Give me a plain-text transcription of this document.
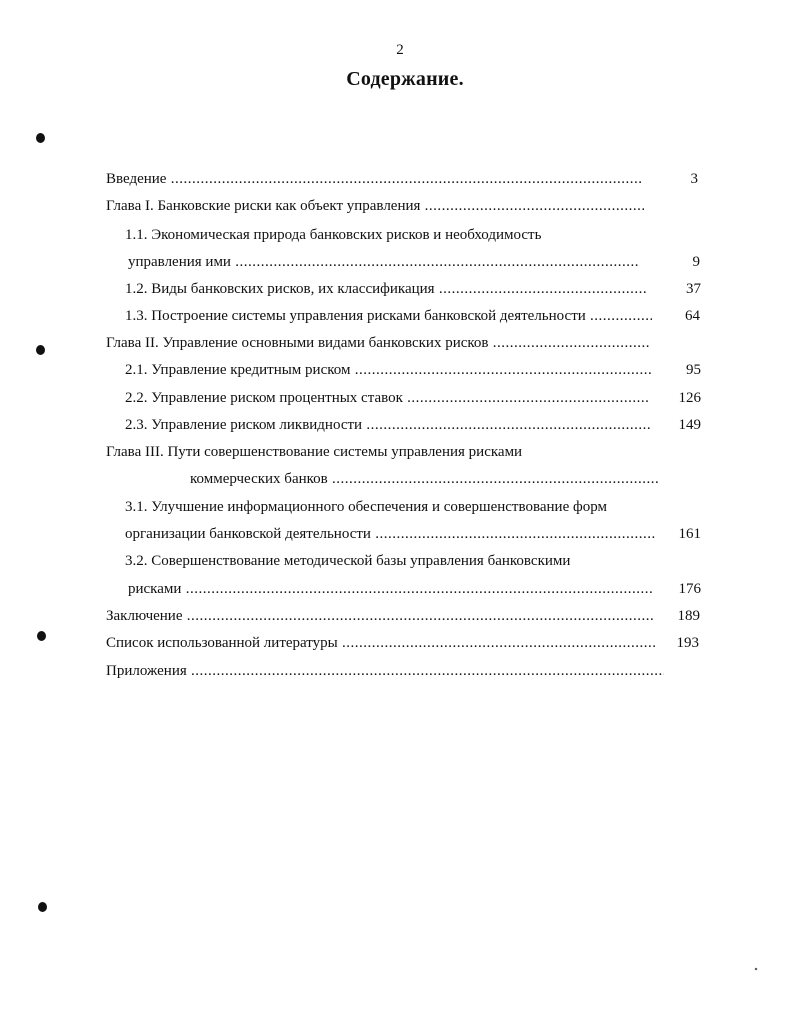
2
Содержание.
Введение .....	3
Глава I. Банковские риски как объект управления .....
1.1. Экономическая природа банковских рисков и необходимость
управления ими .....	9
1.2. Виды банковских рисков, их классификация .....	37
1.3. Построение системы управления рисками банковской деятельности .....	64
Глава II. Управление основными видами банковских рисков .....
2.1. Управление кредитным риском .....	95
2.2. Управление риском процентных ставок .....	126
2.3. Управление риском ликвидности .....	149
Глава III. Пути совершенствование системы управления рисками
коммерческих банков .....
3.1. Улучшение информационного обеспечения и совершенствование форм
организации банковской деятельности .....	161
3.2. Совершенствование методической базы управления банковскими
рисками .....	176
Заключение .....	189
Список использованной литературы .....	193
Приложения .....
